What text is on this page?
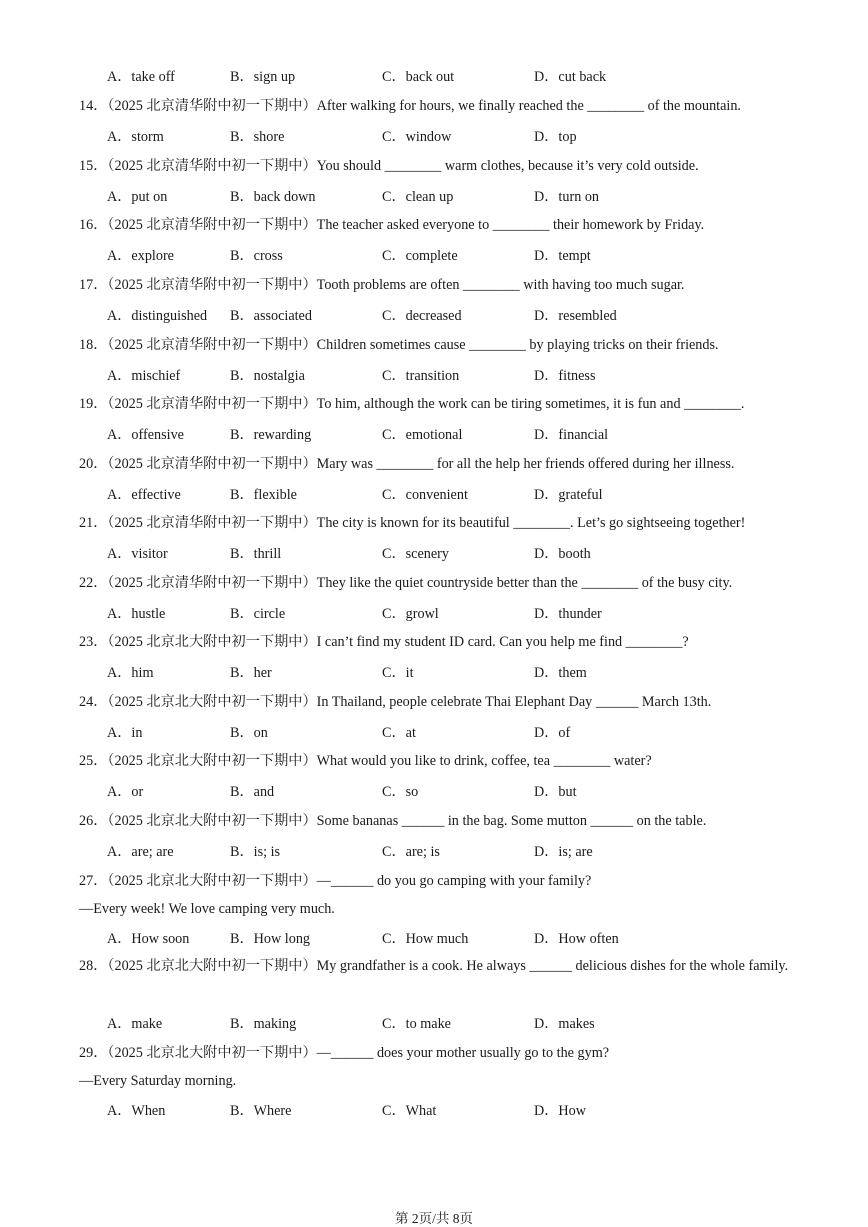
A．take off	B．sign up	C．back out	D．cut back
14．（2025 北京清华附中初一下期中）After walking for hours, we finally reached the ________ of the mountain.
A．storm	B．shore	C．window	D．top
15．（2025 北京清华附中初一下期中）You should ________ warm clothes, because it’s very cold outside.
A．put on	B．back down	C．clean up	D．turn on
16．（2025 北京清华附中初一下期中）The teacher asked everyone to ________ their homework by Friday.
A．explore	B．cross	C．complete	D．tempt
17．（2025 北京清华附中初一下期中）Tooth problems are often ________ with having too much sugar.
A．distinguished B．associated	C．decreased	D．resembled
18．（2025 北京清华附中初一下期中）Children sometimes cause ________ by playing tricks on their friends.
A．mischief	B．nostalgia	C．transition	D．fitness
19．（2025 北京清华附中初一下期中）To him, although the work can be tiring sometimes, it is fun and ________.
A．offensive	B．rewarding	C．emotional	D．financial
20．（2025 北京清华附中初一下期中）Mary was ________ for all the help her friends offered during her illness.
A．effective	B．flexible	C．convenient	D．grateful
21．（2025 北京清华附中初一下期中）The city is known for its beautiful ________. Let’s go sightseeing together!
A．visitor	B．thrill	C．scenery	D．booth
22．（2025 北京清华附中初一下期中）They like the quiet countryside better than the ________ of the busy city.
A．hustle	B．circle	C．growl	D．thunder
23．（2025 北京北大附中初一下期中）I can’t find my student ID card. Can you help me find ________?
A．him	B．her	C．it	D．them
24．（2025 北京北大附中初一下期中）In Thailand, people celebrate Thai Elephant Day ______ March 13th.
A．in	B．on	C．at	D．of
25．（2025 北京北大附中初一下期中）What would you like to drink, coffee, tea ________ water?
A．or	B．and	C．so	D．but
26．（2025 北京北大附中初一下期中）Some bananas ______ in the bag. Some mutton ______ on the table.
A．are; are	B．is; is	C．are; is	D．is; are
27．（2025 北京北大附中初一下期中）—______ do you go camping with your family?
—Every week! We love camping very much.
A．How soon	B．How long	C．How much	D．How often
28．（2025 北京北大附中初一下期中）My grandfather is a cook. He always ______ delicious dishes for the whole family.
A．make	B．making	C．to make	D．makes
29．（2025 北京北大附中初一下期中）—______ does your mother usually go to the gym?
—Every Saturday morning.
A．When	B．Where	C．What	D．How
第 2页/共 8页
